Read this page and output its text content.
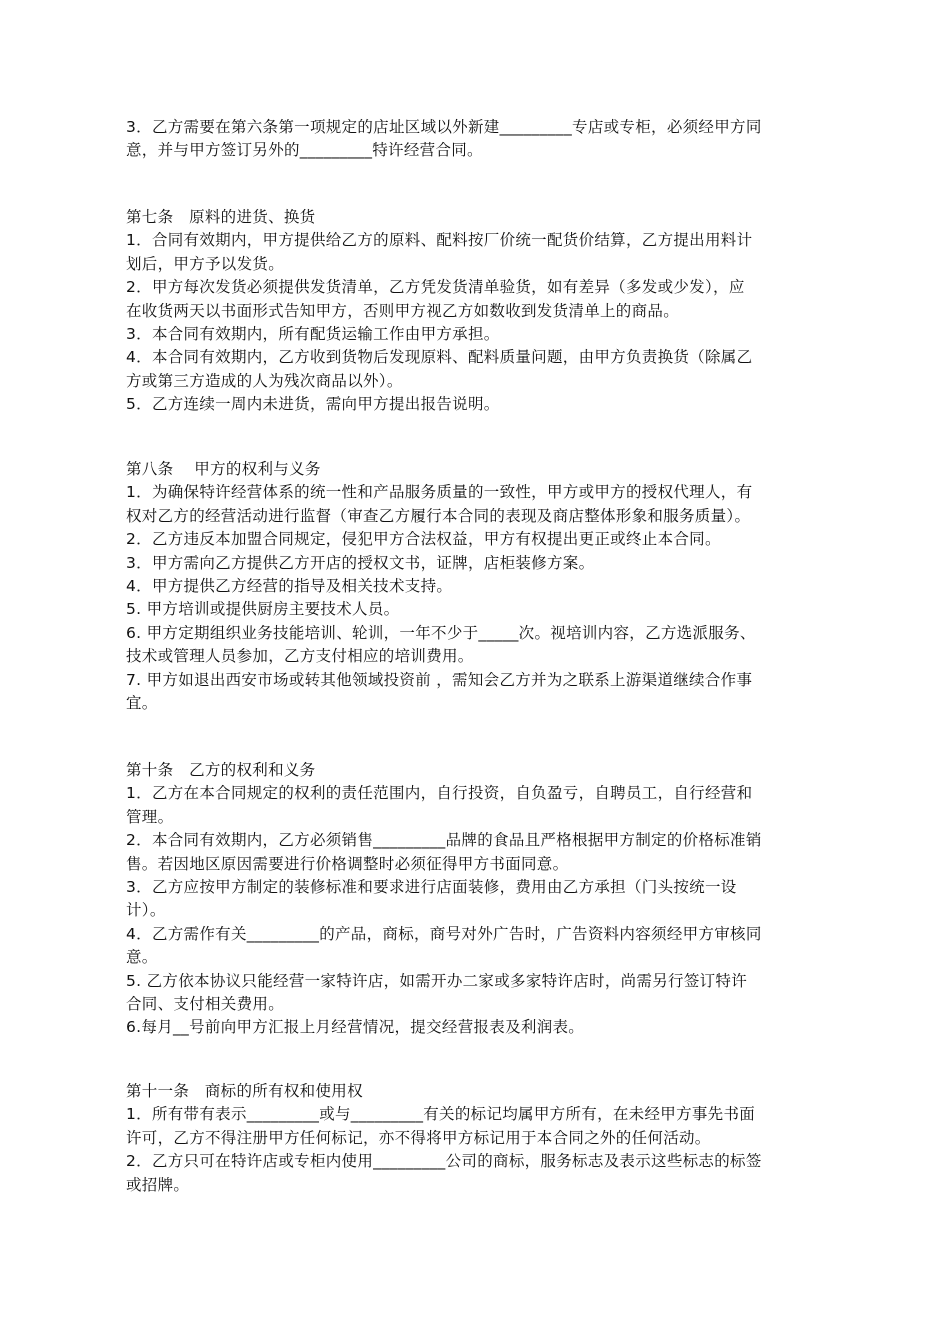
3．乙方需要在第六条第一项规定的店址区域以外新建_________专店或专柜，必须经甲方同
意，并与甲方签订另外的_________特许经营合同。
第七条   原料的进货、换货
1．合同有效期内，甲方提供给乙方的原料、配料按厂价统一配货价结算，乙方提出用料计
划后，甲方予以发货。
2．甲方每次发货必须提供发货清单，乙方凭发货清单验货，如有差异（多发或少发），应
在收货两天以书面形式告知甲方，否则甲方视乙方如数收到发货清单上的商品。
3．本合同有效期内，所有配货运输工作由甲方承担。
4．本合同有效期内，乙方收到货物后发现原料、配料质量问题，由甲方负责换货（除属乙
方或第三方造成的人为残次商品以外）。
5．乙方连续一周内未进货，需向甲方提出报告说明。
第八条    甲方的权利与义务
1．为确保特许经营体系的统一性和产品服务质量的一致性，甲方或甲方的授权代理人，有
权对乙方的经营活动进行监督（审查乙方履行本合同的表现及商店整体形象和服务质量）。
2．乙方违反本加盟合同规定，侵犯甲方合法权益，甲方有权提出更正或终止本合同。
3．甲方需向乙方提供乙方开店的授权文书，证牌，店柜装修方案。
4．甲方提供乙方经营的指导及相关技术支持。
5. 甲方培训或提供厨房主要技术人员。
6. 甲方定期组织业务技能培训、轮训，一年不少于_____次。视培训内容，乙方选派服务、
技术或管理人员参加，乙方支付相应的培训费用。
7. 甲方如退出西安市场或转其他领域投资前 ，需知会乙方并为之联系上游渠道继续合作事
宜。
第十条   乙方的权利和义务
1．乙方在本合同规定的权利的责任范围内，自行投资，自负盈亏，自聘员工，自行经营和
管理。
2．本合同有效期内，乙方必须销售_________品牌的食品且严格根据甲方制定的价格标准销
售。若因地区原因需要进行价格调整时必须征得甲方书面同意。
3．乙方应按甲方制定的装修标准和要求进行店面装修，费用由乙方承担（门头按统一设
计）。
4．乙方需作有关_________的产品，商标，商号对外广告时，广告资料内容须经甲方审核同
意。
5. 乙方依本协议只能经营一家特许店，如需开办二家或多家特许店时，尚需另行签订特许
合同、支付相关费用。
6.每月__号前向甲方汇报上月经营情况，提交经营报表及利润表。
第十一条   商标的所有权和使用权
1．所有带有表示_________或与_________有关的标记均属甲方所有，在未经甲方事先书面
许可，乙方不得注册甲方任何标记，亦不得将甲方标记用于本合同之外的任何活动。
2．乙方只可在特许店或专柜内使用_________公司的商标，服务标志及表示这些标志的标签
或招牌。
